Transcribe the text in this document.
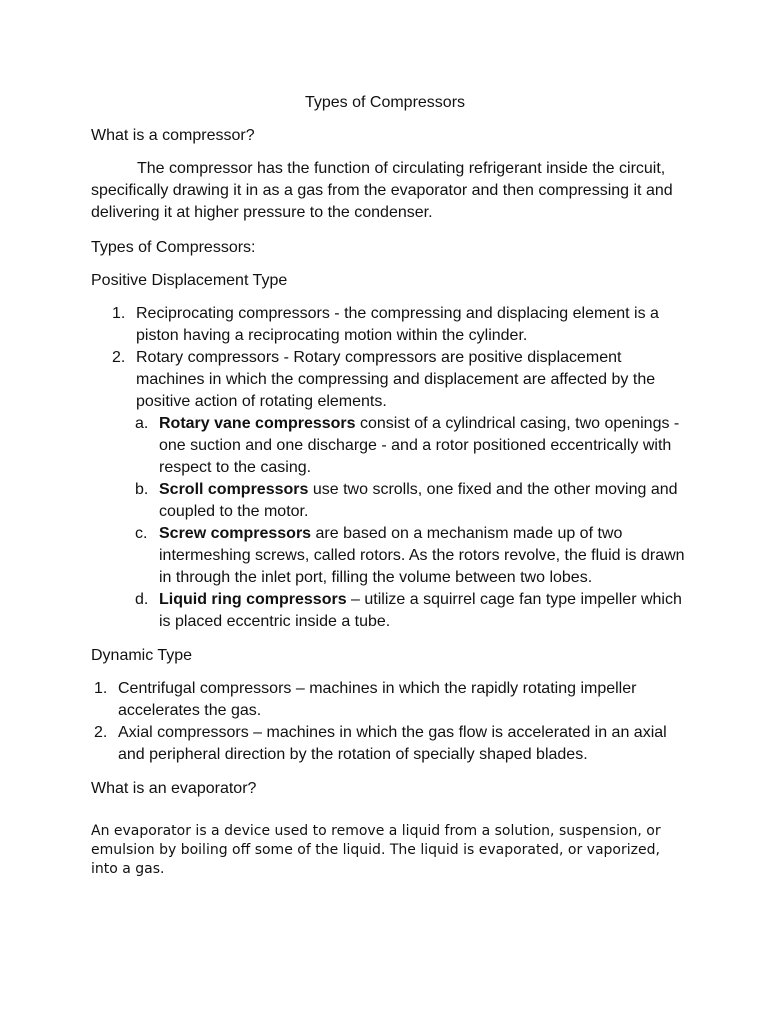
Types of Compressors
What is a compressor?
The compressor has the function of circulating refrigerant inside the circuit, specifically drawing it in as a gas from the evaporator and then compressing it and delivering it at higher pressure to the condenser.
Types of Compressors:
Positive Displacement Type
1. Reciprocating compressors - the compressing and displacing element is a piston having a reciprocating motion within the cylinder.
2. Rotary compressors - Rotary compressors are positive displacement machines in which the compressing and displacement are affected by the positive action of rotating elements.
a. Rotary vane compressors consist of a cylindrical casing, two openings - one suction and one discharge - and a rotor positioned eccentrically with respect to the casing.
b. Scroll compressors use two scrolls, one fixed and the other moving and coupled to the motor.
c. Screw compressors are based on a mechanism made up of two intermeshing screws, called rotors. As the rotors revolve, the fluid is drawn in through the inlet port, filling the volume between two lobes.
d. Liquid ring compressors – utilize a squirrel cage fan type impeller which is placed eccentric inside a tube.
Dynamic Type
1. Centrifugal compressors – machines in which the rapidly rotating impeller accelerates the gas.
2. Axial compressors – machines in which the gas flow is accelerated in an axial and peripheral direction by the rotation of specially shaped blades.
What is an evaporator?
An evaporator is a device used to remove a liquid from a solution, suspension, or emulsion by boiling off some of the liquid. The liquid is evaporated, or vaporized, into a gas.
